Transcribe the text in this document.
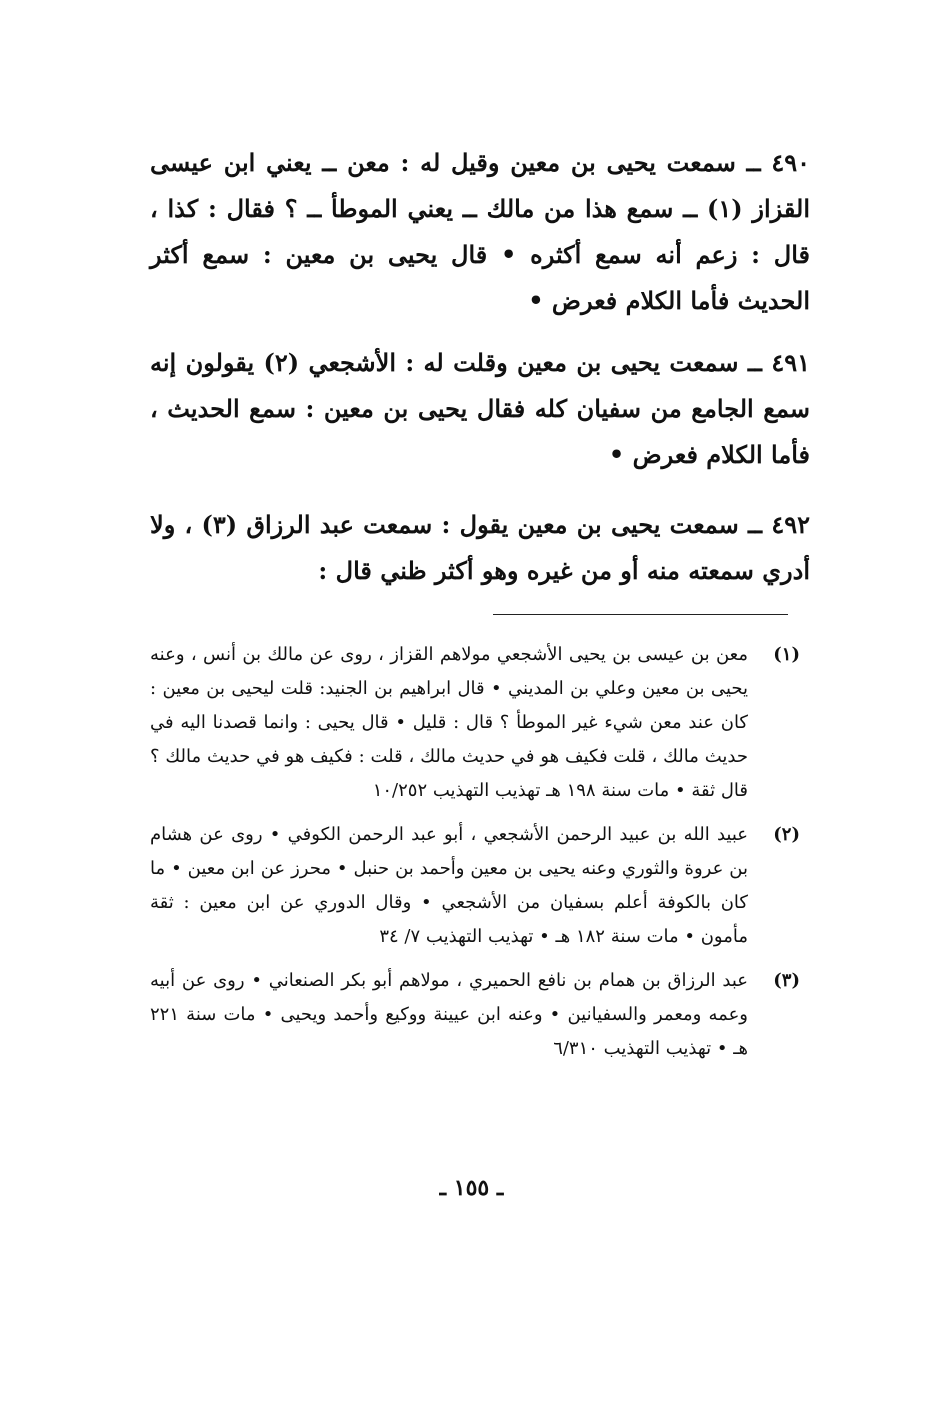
٤٩٠ ــ سمعت يحيى بن معين وقيل له : معن ــ يعني ابن عيسى القزاز (١) ــ سمع هذا من مالك ــ يعني الموطأ ــ ؟ فقال : كذا ، قال : زعم أنه سمع أكثره • قال يحيى بن معين : سمع أكثر الحديث فأما الكلام فعرض •

٤٩١ ــ سمعت يحيى بن معين وقلت له : الأشجعي (٢) يقولون إنه سمع الجامع من سفيان كله فقال يحيى بن معين : سمع الحديث ، فأما الكلام فعرض •

٤٩٢ ــ سمعت يحيى بن معين يقول : سمعت عبد الرزاق (٣) ، ولا أدري سمعته منه أو من غيره وهو أكثر ظني قال :

(١)
معن بن عيسى بن يحيى الأشجعي مولاهم القزاز ، روى عن مالك بن أنس ، وعنه يحيى بن معين وعلي بن المديني • قال ابراهيم بن الجنيد: قلت ليحيى بن معين : كان عند معن شيء غير الموطأ ؟ قال : قليل • قال يحيى : وانما قصدنا اليه في حديث مالك ، قلت فكيف هو في حديث مالك ، قلت : فكيف هو في حديث مالك ؟ قال ثقة • مات سنة ١٩٨ هـ تهذيب التهذيب ١٠/٢٥٢
(٢)
عبيد الله بن عبيد الرحمن الأشجعي ، أبو عبد الرحمن الكوفي • روى عن هشام بن عروة والثوري وعنه يحيى بن معين وأحمد بن حنبل • محرز عن ابن معين • ما كان بالكوفة أعلم بسفيان من الأشجعي • وقال الدوري عن ابن معين : ثقة مأمون • مات سنة ١٨٢ هـ • تهذيب التهذيب ٧/ ٣٤
(٣)
عبد الرزاق بن همام بن نافع الحميري ، مولاهم أبو بكر الصنعاني • روى عن أبيه وعمه ومعمر والسفيانين • وعنه ابن عيينة ووكيع وأحمد ويحيى • مات سنة ٢٢١ هـ • تهذيب التهذيب ٦/٣١٠
ـ ١٥٥ ـ
